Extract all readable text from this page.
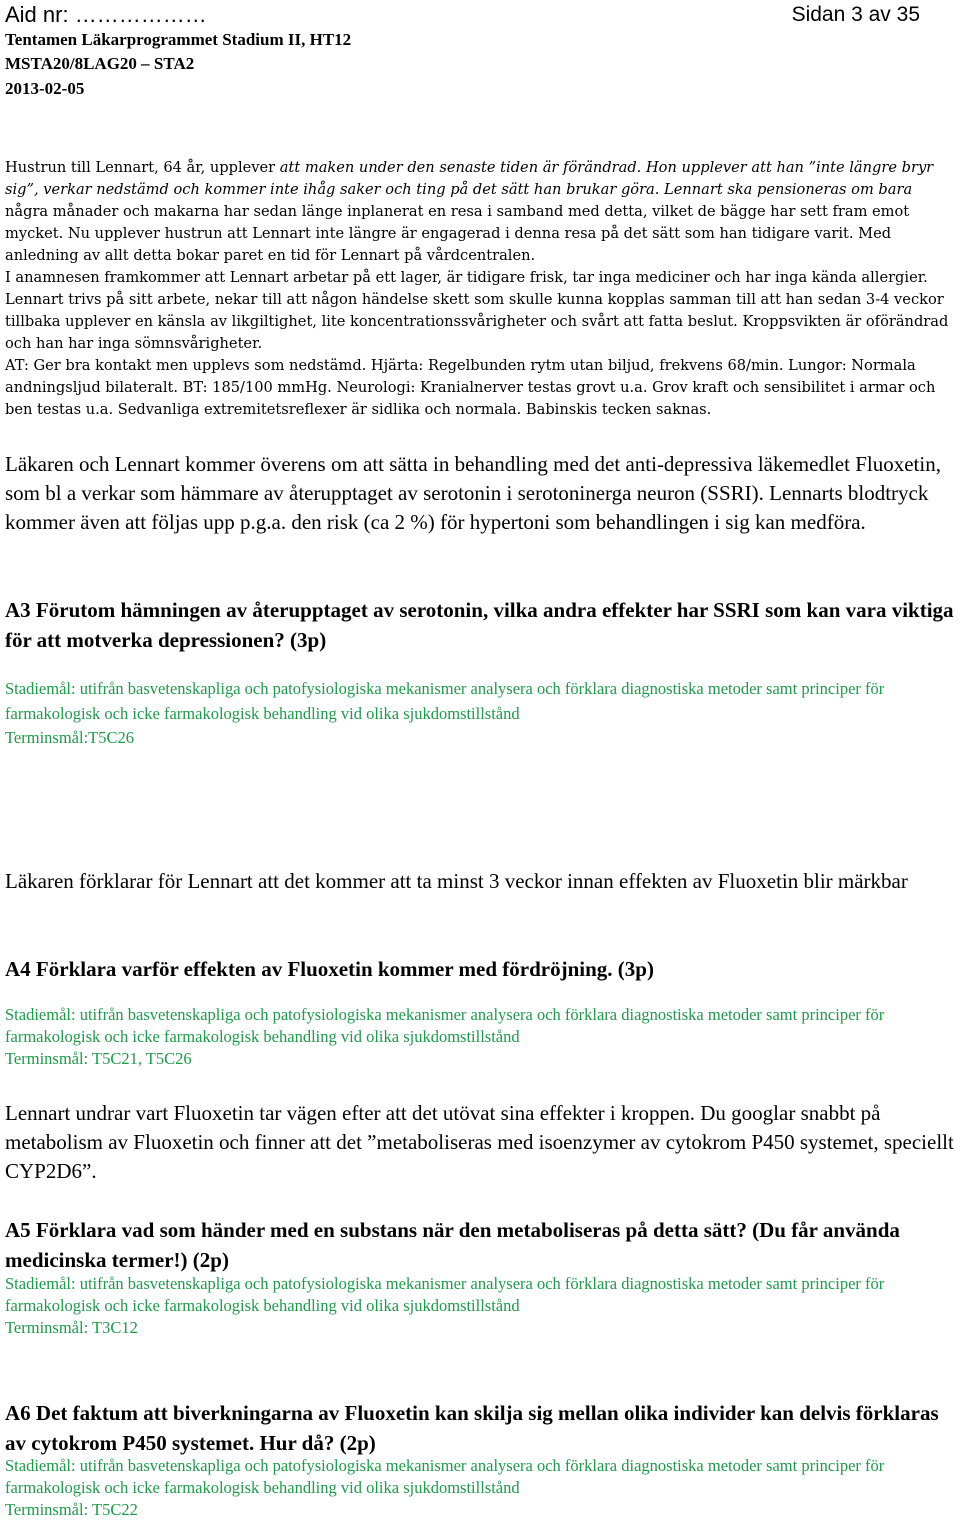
Aid nr: ………………	Sidan 3 av 35
Tentamen Läkarprogrammet Stadium II, HT12
MSTA20/8LAG20 – STA2
2013-02-05

Hustrun till Lennart, 64 år, upplever att maken under den senaste tiden är förändrad. Hon upplever att han ”inte längre bryr sig”, verkar nedstämd och kommer inte ihåg saker och ting på det sätt han brukar göra. Lennart ska pensioneras om bara några månader och makarna har sedan länge inplanerat en resa i samband med detta, vilket de bägge har sett fram emot mycket. Nu upplever hustrun att Lennart inte längre är engagerad i denna resa på det sätt som han tidigare varit. Med anledning av allt detta bokar paret en tid för Lennart på vårdcentralen.

I anamnesen framkommer att Lennart arbetar på ett lager, är tidigare frisk, tar inga mediciner och har inga kända allergier. Lennart trivs på sitt arbete, nekar till att någon händelse skett som skulle kunna kopplas samman till att han sedan 3-4 veckor tillbaka upplever en känsla av likgiltighet, lite koncentrationssvårigheter och svårt att fatta beslut. Kroppsvikten är oförändrad och han har inga sömnsvårigheter.

AT: Ger bra kontakt men upplevs som nedstämd. Hjärta: Regelbunden rytm utan biljud, frekvens 68/min. Lungor: Normala andningsljud bilateralt. BT: 185/100 mmHg. Neurologi: Kranialnerver testas grovt u.a. Grov kraft och sensibilitet i armar och ben testas u.a. Sedvanliga extremitetsreflexer är sidlika och normala. Babinskis tecken saknas.

Läkaren och Lennart kommer överens om att sätta in behandling med det anti-depressiva läkemedlet Fluoxetin, som bl a verkar som hämmare av återupptaget av serotonin i serotoninerga neuron (SSRI). Lennarts blodtryck kommer även att följas upp p.g.a. den risk (ca 2 %) för hypertoni som behandlingen i sig kan medföra.
A3 Förutom hämningen av återupptaget av serotonin, vilka andra effekter har SSRI som kan vara viktiga för att motverka depressionen? (3p)
Stadiemål: utifrån basvetenskapliga och patofysiologiska mekanismer analysera och förklara diagnostiska metoder samt principer för farmakologisk och icke farmakologisk behandling vid olika sjukdomstillstånd
Terminsmål:T5C26
Läkaren förklarar för Lennart att det kommer att ta minst 3 veckor innan effekten av Fluoxetin blir märkbar
A4 Förklara varför effekten av Fluoxetin kommer med fördröjning. (3p)
Stadiemål: utifrån basvetenskapliga och patofysiologiska mekanismer analysera och förklara diagnostiska metoder samt principer för farmakologisk och icke farmakologisk behandling vid olika sjukdomstillstånd
Terminsmål: T5C21, T5C26
Lennart undrar vart Fluoxetin tar vägen efter att det utövat sina effekter i kroppen. Du googlar snabbt på metabolism av Fluoxetin och finner att det ”metaboliseras med isoenzymer av cytokrom P450 systemet, speciellt CYP2D6”.
A5 Förklara vad som händer med en substans när den metaboliseras på detta sätt? (Du får använda medicinska termer!) (2p)
Stadiemål: utifrån basvetenskapliga och patofysiologiska mekanismer analysera och förklara diagnostiska metoder samt principer för farmakologisk och icke farmakologisk behandling vid olika sjukdomstillstånd
Terminsmål: T3C12
A6 Det faktum att biverkningarna av Fluoxetin kan skilja sig mellan olika individer kan delvis förklaras av cytokrom P450 systemet. Hur då? (2p)
Stadiemål: utifrån basvetenskapliga och patofysiologiska mekanismer analysera och förklara diagnostiska metoder samt principer för farmakologisk och icke farmakologisk behandling vid olika sjukdomstillstånd
Terminsmål: T5C22
